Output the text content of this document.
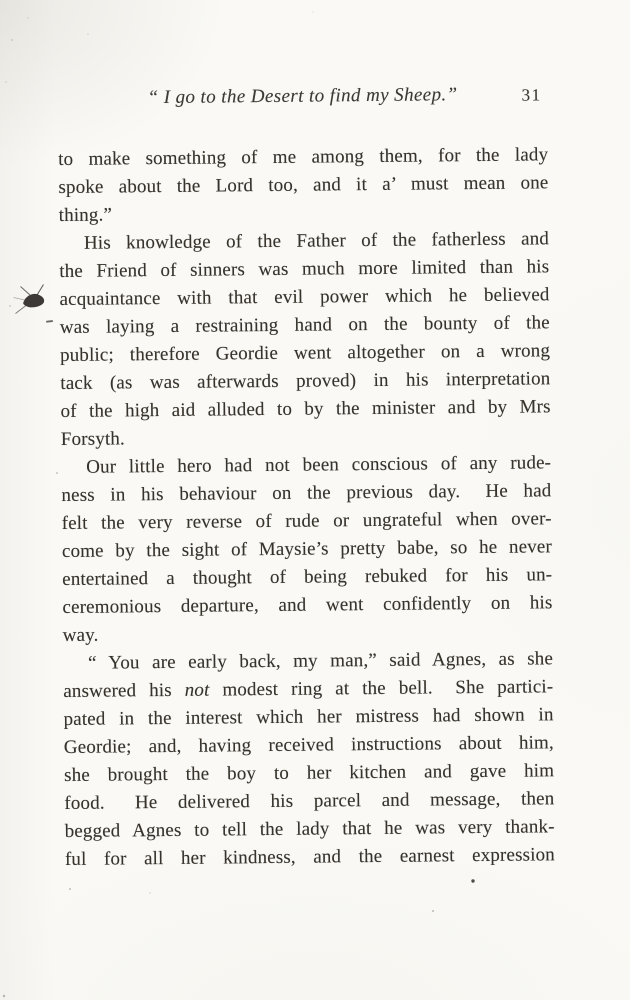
“ I go to the Desert to find my Sheep.”	31
to make something of me among them, for the lady
spoke about the Lord too, and it a’ must mean one
thing.”
His knowledge of the Father of the fatherless and
the Friend of sinners was much more limited than his
acquaintance with that evil power which he believed
was laying a restraining hand on the bounty of the
public; therefore Geordie went altogether on a wrong
tack (as was afterwards proved) in his interpretation
of the high aid alluded to by the minister and by Mrs
Forsyth.
Our little hero had not been conscious of any rude-
ness in his behaviour on the previous day.  He had
felt the very reverse of rude or ungrateful when over-
come by the sight of Maysie’s pretty babe, so he never
entertained a thought of being rebuked for his un-
ceremonious departure, and went confidently on his
way.
“ You are early back, my man,” said Agnes, as she
answered his not modest ring at the bell.  She partici-
pated in the interest which her mistress had shown in
Geordie; and, having received instructions about him,
she brought the boy to her kitchen and gave him
food.  He delivered his parcel and message, then
begged Agnes to tell the lady that he was very thank-
ful for all her kindness, and the earnest expression
